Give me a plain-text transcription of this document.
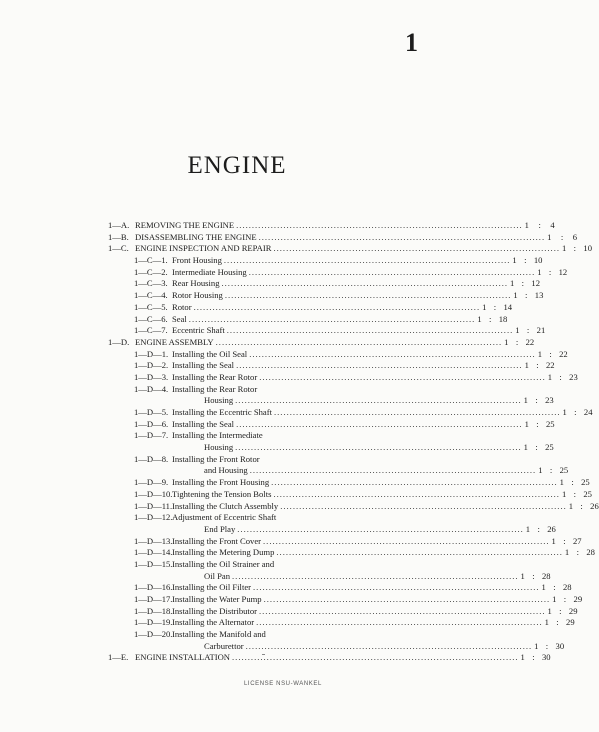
1
ENGINE
1—A. REMOVING THE ENGINE .....	1 : 4
1—B. DISASSEMBLING THE ENGINE .....	1 : 6
1—C. ENGINE INSPECTION AND REPAIR .....	1 : 10
1—C—1. Front Housing .....	1 : 10
1—C—2. Intermediate Housing .....	1 : 12
1—C—3. Rear Housing .....	1 : 12
1—C—4. Rotor Housing .....	1 : 13
1—C—5. Rotor .....	1 : 14
1—C—6. Seal .....	1 : 18
1—C—7. Eccentric Shaft .....	1 : 21
1—D. ENGINE ASSEMBLY .....	1 : 22
1—D—1. Installing the Oil Seal .....	1 : 22
1—D—2. Installing the Seal .....	1 : 22
1—D—3. Installing the Rear Rotor .....	1 : 23
1—D—4. Installing the Rear Rotor
Housing .....	1 : 23
1—D—5. Installing the Eccentric Shaft .....	1 : 24
1—D—6. Installing the Seal .....	1 : 25
1—D—7. Installing the Intermediate
Housing .....	1 : 25
1—D—8. Installing the Front Rotor
and Housing .....	1 : 25
1—D—9. Installing the Front Housing .....	1 : 25
1—D—10. Tightening the Tension Bolts .....	1 : 25
1—D—11. Installing the Clutch Assembly .....	1 : 26
1—D—12. Adjustment of Eccentric Shaft
End Play .....	1 : 26
1—D—13. Installing the Front Cover .....	1 : 27
1—D—14. Installing the Metering Dump .....	1 : 28
1—D—15. Installing the Oil Strainer and
Oil Pan .....	1 : 28
1—D—16. Installing the Oil Filter .....	1 : 28
1—D—17. Installing the Water Pump .....	1 : 29
1—D—18. Installing the Distributor .....	1 : 29
1—D—19. Installing the Alternator .....	1 : 29
1—D—20. Installing the Manifold and
Carburettor .....	1 : 30
1—E. ENGINE INSTALLATION .....	1 : 30
LICENSE NSU-WANKEL
